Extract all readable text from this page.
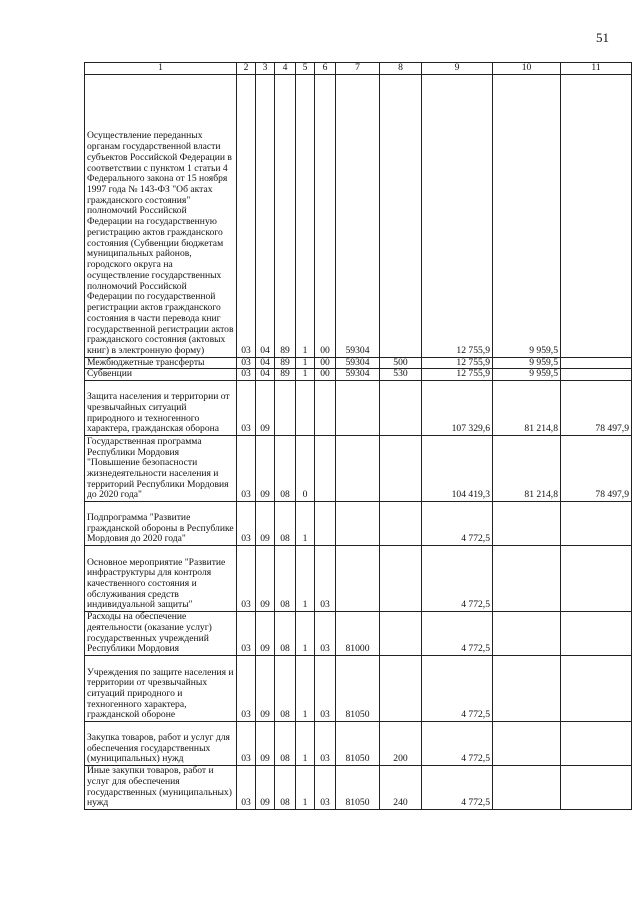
51
1	2	3	4	5	6	7	8	9	10	11
Осуществление переданных органам государственной власти субъектов Российской Федерации в соответствии с пунктом 1 статьи 4 Федерального закона от 15 ноября 1997 года № 143-ФЗ "Об актах гражданского состояния" полномочий Российской Федерации на государственную регистрацию актов гражданского состояния (Субвенции бюджетам муниципальных районов, городского округа на осуществление государственных полномочий Российской Федерации по государственной регистрации актов гражданского состояния в части перевода книг государственной регистрации актов гражданского состояния (актовых книг) в электронную форму)	03	04	89	1	00	59304		12 755,9	9 959,5	
Межбюджетные трансферты	03	04	89	1	00	59304	500	12 755,9	9 959,5	
Субвенции	03	04	89	1	00	59304	530	12 755,9	9 959,5	
Защита населения и территории от чрезвычайных ситуаций природного и техногенного характера, гражданская оборона	03	09						107 329,6	81 214,8	78 497,9
Государственная программа Республики Мордовия "Повышение безопасности жизнедеятельности населения и территорий Республики Мордовия до 2020 года"	03	09	08	0				104 419,3	81 214,8	78 497,9
Подпрограмма "Развитие гражданской обороны в Республике Мордовия до 2020 года"	03	09	08	1				4 772,5		
Основное мероприятие "Развитие инфраструктуры для контроля качественного состояния и обслуживания средств индивидуальной защиты"	03	09	08	1	03			4 772,5		
Расходы на обеспечение деятельности (оказание услуг) государственных учреждений Республики Мордовия	03	09	08	1	03	81000		4 772,5		
Учреждения по защите населения и территории от чрезвычайных ситуаций природного и техногенного характера, гражданской обороне	03	09	08	1	03	81050		4 772,5		
Закупка товаров, работ и услуг для обеспечения государственных (муниципальных) нужд	03	09	08	1	03	81050	200	4 772,5		
Иные закупки товаров, работ и услуг для обеспечения государственных (муниципальных) нужд	03	09	08	1	03	81050	240	4 772,5		
